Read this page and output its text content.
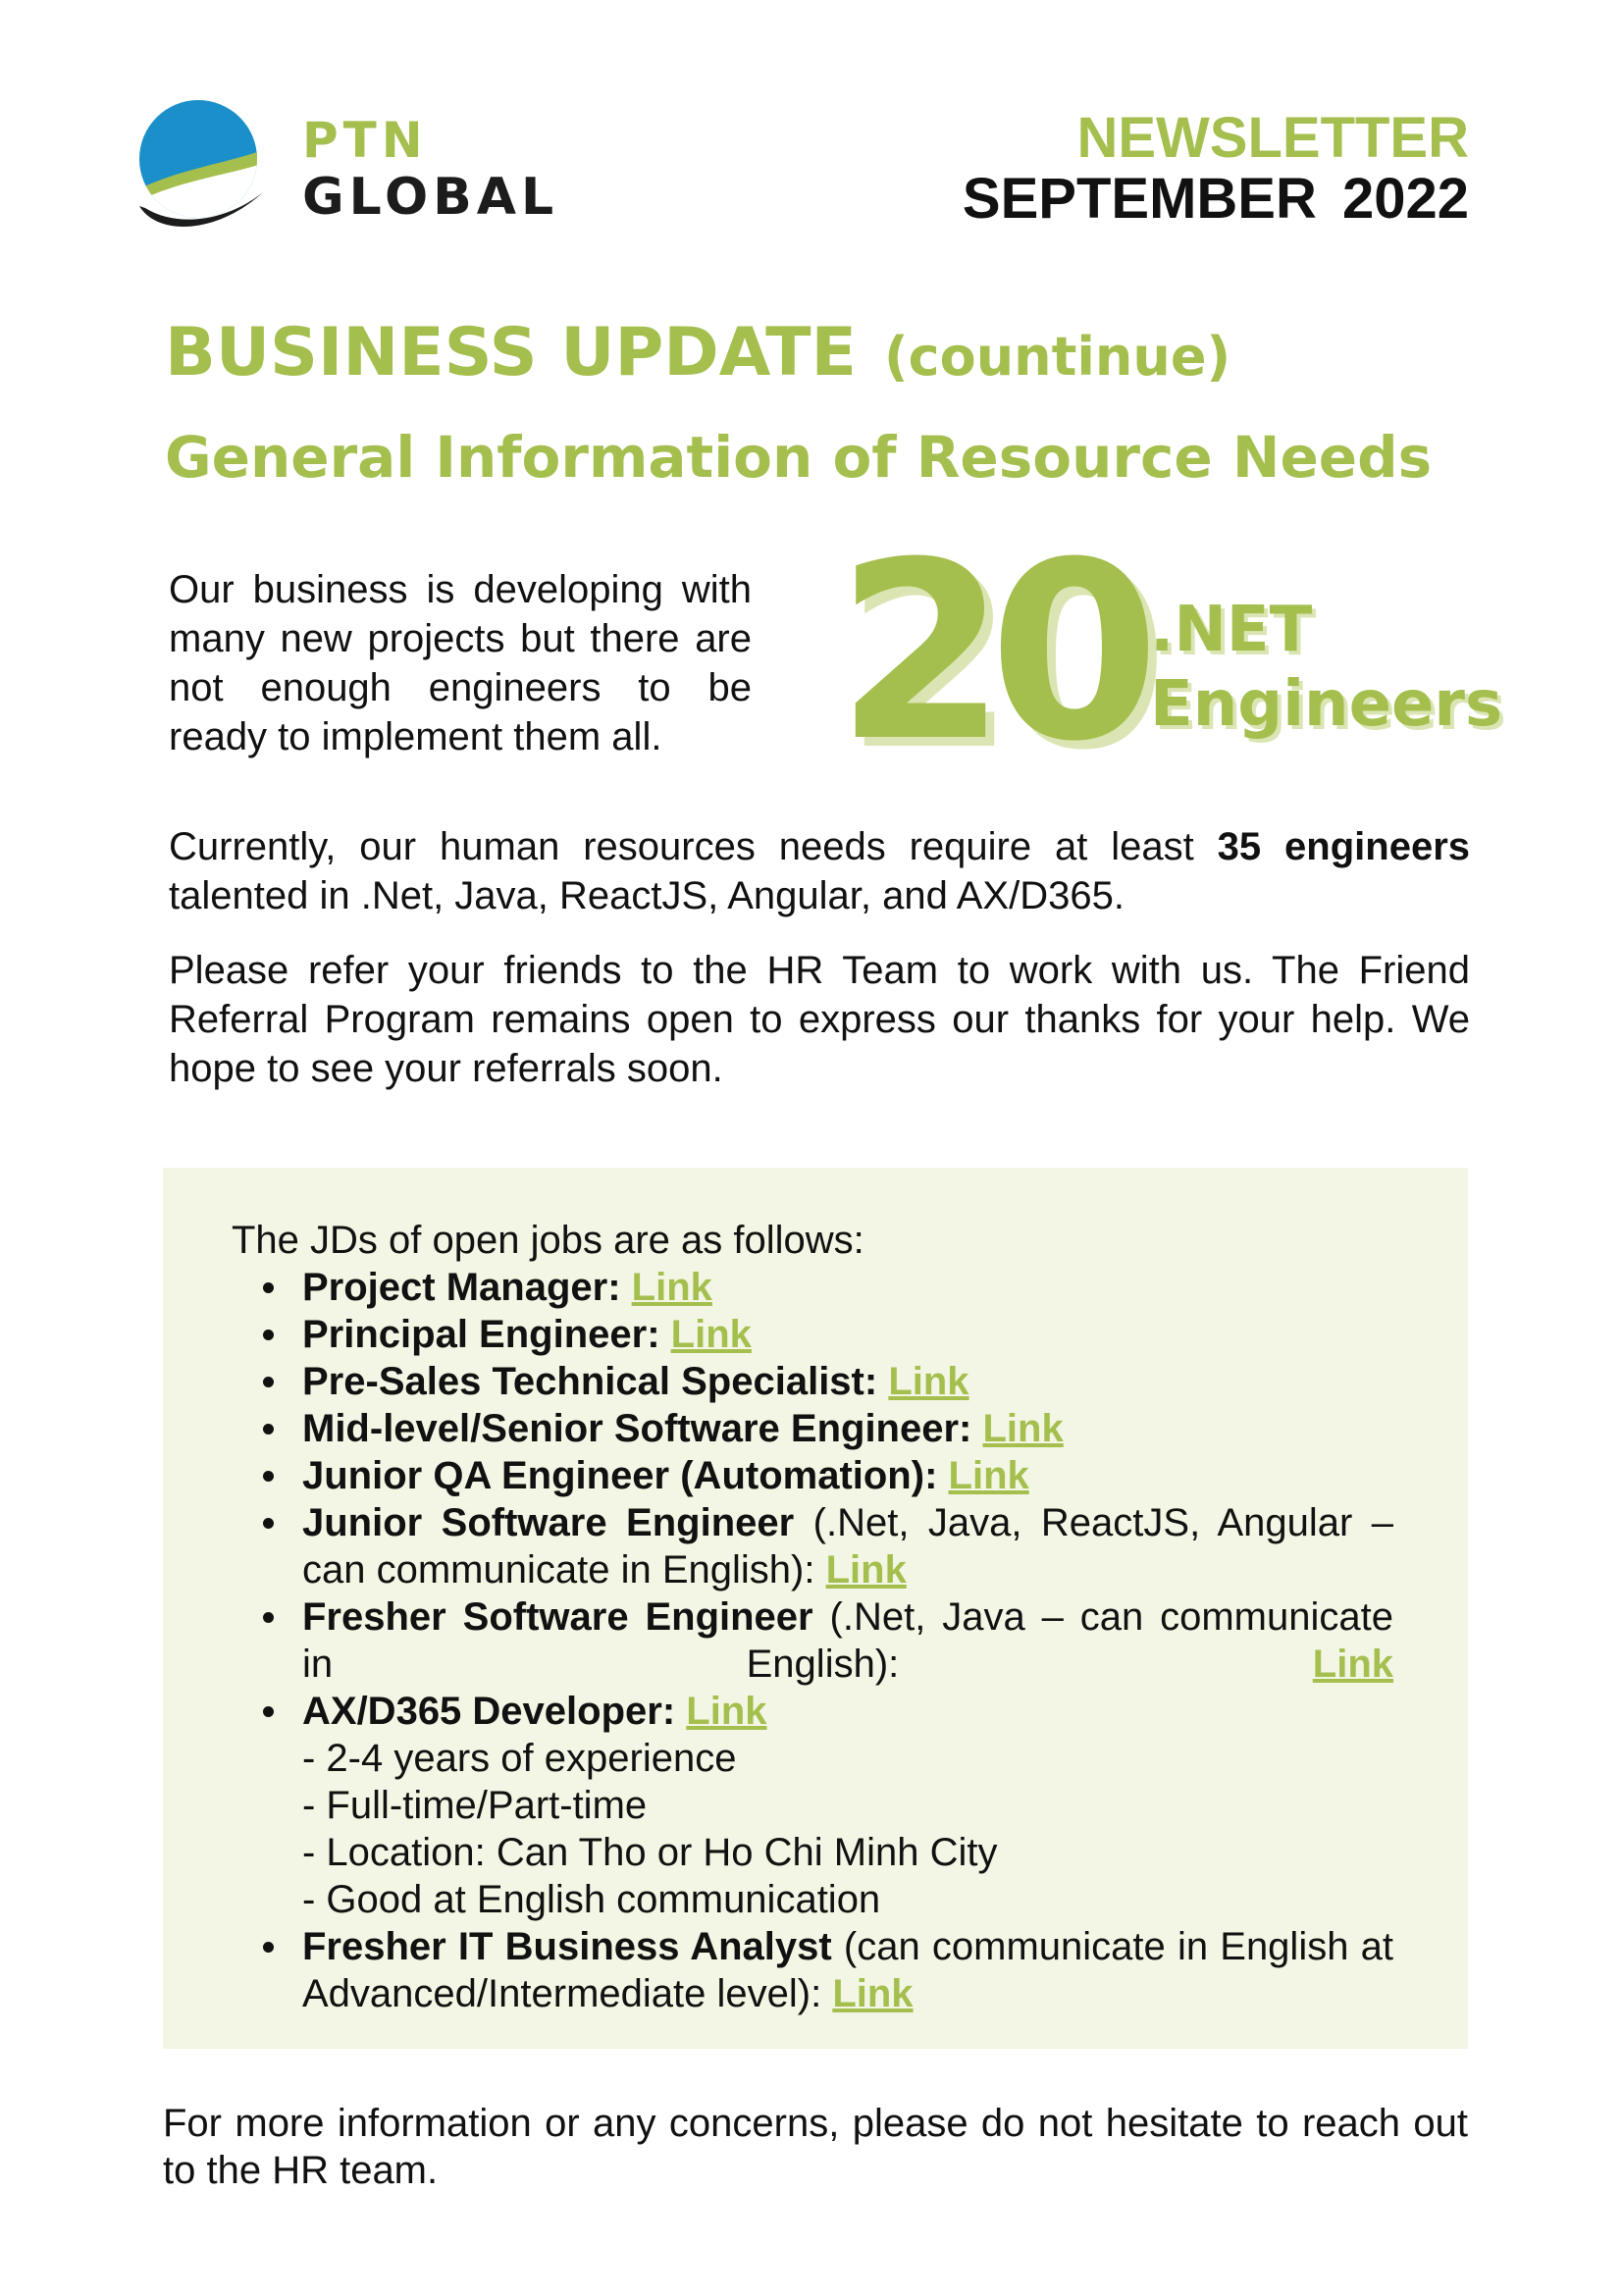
PTN
GLOBAL
NEWSLETTER
SEPTEMBER 2022
BUSINESS UPDATE (countinue)
General Information of Resource Needs

Our business is developing with many new projects but there are not enough engineers to be ready to implement them all. 20 .NET
Engineers

Currently, our human resources needs require at least 35 engineers talented in .Net, Java, ReactJS, Angular, and AX/D365.

Please refer your friends to the HR Team to work with us. The Friend Referral Program remains open to express our thanks for your help. We hope to see your referrals soon.

The JDs of open jobs are as follows:
Project Manager: Link
Principal Engineer: Link
Pre-Sales Technical Specialist: Link
Mid-level/Senior Software Engineer: Link
Junior QA Engineer (Automation): Link
Junior Software Engineer (.Net, Java, ReactJS, Angular – can communicate in English): Link
Fresher Software Engineer (.Net, Java – can communicate in English):	Link
AX/D365 Developer: Link
- 2-4 years of experience
- Full-time/Part-time
- Location: Can Tho or Ho Chi Minh City
- Good at English communication
Fresher IT Business Analyst (can communicate in English at Advanced/Intermediate level): Link

For more information or any concerns, please do not hesitate to reach out to the HR team.
